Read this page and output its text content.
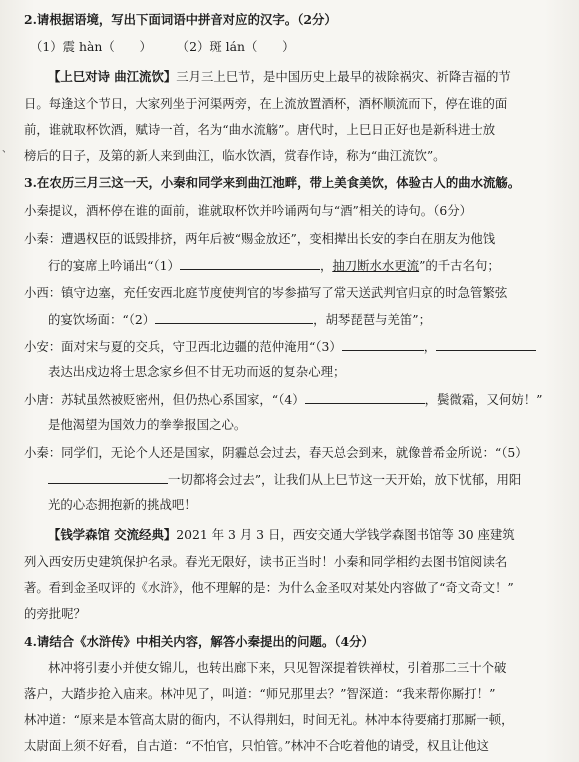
2.请根据语境，写出下面词语中拼音对应的汉字。（2分）
（1）震 hàn（　　）　　　（2）斑 lán（　　）
【上巳对诗 曲江流饮】三月三上巳节，是中国历史上最早的祓除祸灾、祈降吉福的节
日。每逢这个节日，大家列坐于河渠两旁，在上流放置酒杯，酒杯顺流而下，停在谁的面
前，谁就取杯饮酒，赋诗一首，名为“曲水流觞”。唐代时，上巳日正好也是新科进士放
榜后的日子，及第的新人来到曲江，临水饮酒，赏春作诗，称为“曲江流饮”。
、
3.在农历三月三这一天，小秦和同学来到曲江池畔，带上美食美饮，体验古人的曲水流觞。
小秦提议，酒杯停在谁的面前，谁就取杯饮并吟诵两句与“酒”相关的诗句。（6分）
小秦：遭遇权臣的诋毁排挤，两年后被“赐金放还”，变相撵出长安的李白在朋友为他饯
行的宴席上吟诵出“（1）	，抽刀断水水更流”的千古名句；
小西：镇守边塞，充任安西北庭节度使判官的岑参描写了常天送武判官归京的时急管繁弦
的宴饮场面：“（2）	，胡琴琵琶与羌笛”；
小安：面对宋与夏的交兵，守卫西北边疆的范仲淹用“（3）	，
表达出戍边将士思念家乡但不甘无功而返的复杂心理；
小唐：苏轼虽然被贬密州，但仍热心系国家，“（4）	，鬓微霜，又何妨！”
是他渴望为国效力的拳拳报国之心。
小秦：同学们，无论个人还是国家，阴霾总会过去，春天总会到来，就像普希金所说：“（5）
一切都将会过去”，让我们从上巳节这一天开始，放下忧郁，用阳
光的心态拥抱新的挑战吧！
【钱学森馆 交流经典】2021 年 3 月 3 日，西安交通大学钱学森图书馆等 30 座建筑
列入西安历史建筑保护名录。春光无限好，读书正当时！小秦和同学相约去图书馆阅读名
著。看到金圣叹评的《水浒》，他不理解的是：为什么金圣叹对某处内容做了“奇文奇文！”
的旁批呢？
4.请结合《水浒传》中相关内容，解答小秦提出的问题。（4分）
林冲将引妻小并使女锦儿，也转出廊下来，只见智深提着铁禅杖，引着那二三十个破
落户，大踏步抢入庙来。林冲见了，叫道：“师兄那里去？”智深道：“我来帮你厮打！”
林冲道：“原来是本管高太尉的衙内，不认得荆妇，时间无礼。林冲本待要痛打那厮一顿，
太尉面上须不好看，自古道：“不怕官，只怕管。”林冲不合吃着他的请受，权且让他这
